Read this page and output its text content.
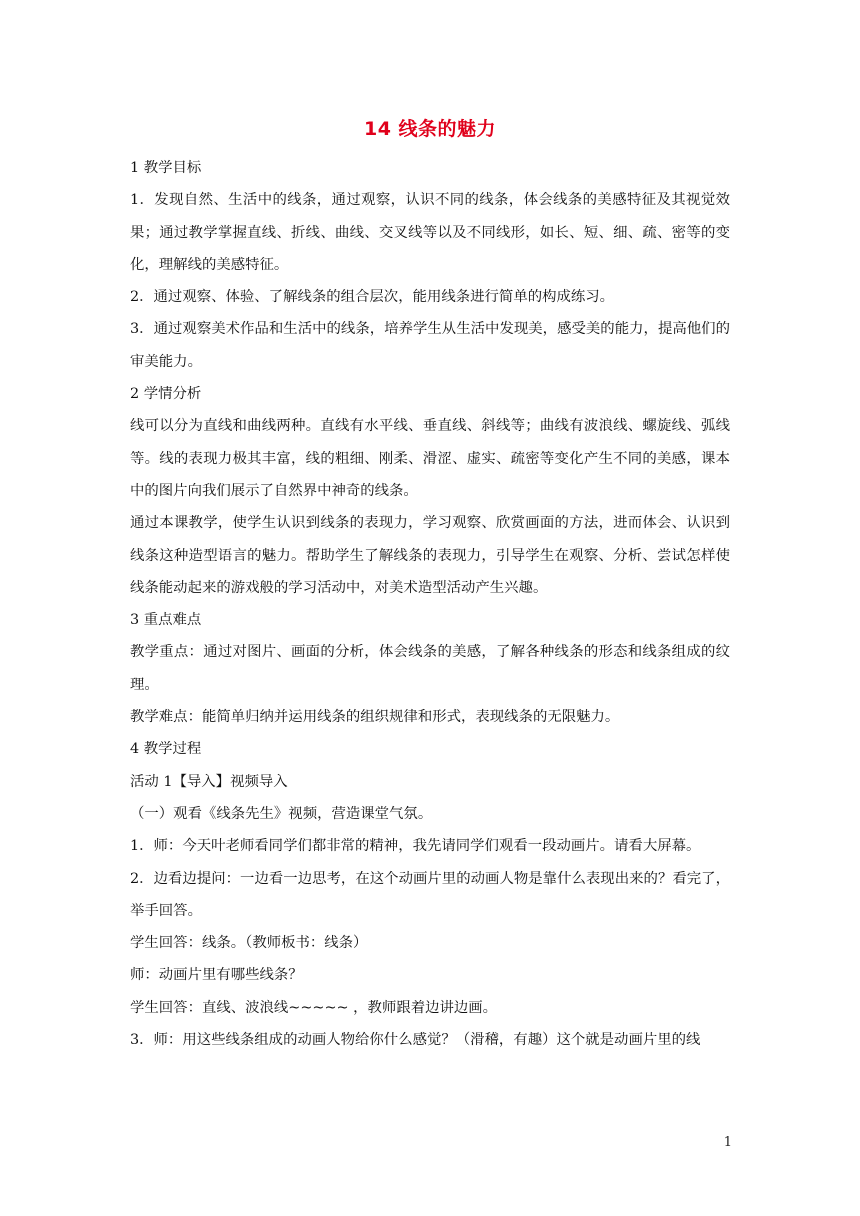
14 线条的魅力

1 教学目标

1．发现自然、生活中的线条，通过观察，认识不同的线条，体会线条的美感特征及其视觉效果；通过教学掌握直线、折线、曲线、交叉线等以及不同线形，如长、短、细、疏、密等的变化，理解线的美感特征。

2．通过观察、体验、了解线条的组合层次，能用线条进行简单的构成练习。

3．通过观察美术作品和生活中的线条，培养学生从生活中发现美，感受美的能力，提高他们的审美能力。

2 学情分析

线可以分为直线和曲线两种。直线有水平线、垂直线、斜线等；曲线有波浪线、螺旋线、弧线等。线的表现力极其丰富，线的粗细、刚柔、滑涩、虚实、疏密等变化产生不同的美感，课本中的图片向我们展示了自然界中神奇的线条。

通过本课教学，使学生认识到线条的表现力，学习观察、欣赏画面的方法，进而体会、认识到线条这种造型语言的魅力。帮助学生了解线条的表现力，引导学生在观察、分析、尝试怎样使线条能动起来的游戏般的学习活动中，对美术造型活动产生兴趣。

3 重点难点

教学重点：通过对图片、画面的分析，体会线条的美感，了解各种线条的形态和线条组成的纹理。

教学难点：能简单归纳并运用线条的组织规律和形式，表现线条的无限魅力。

4 教学过程

活动 1【导入】视频导入

（一）观看《线条先生》视频，营造课堂气氛。

1．师：今天叶老师看同学们都非常的精神，我先请同学们观看一段动画片。请看大屏幕。

2．边看边提问：一边看一边思考，在这个动画片里的动画人物是靠什么表现出来的？看完了，举手回答。

学生回答：线条。（教师板书：线条）

师：动画片里有哪些线条？

学生回答：直线、波浪线~~~~~ ，教师跟着边讲边画。

3．师：用这些线条组成的动画人物给你什么感觉？（滑稽，有趣）这个就是动画片里的线

1
